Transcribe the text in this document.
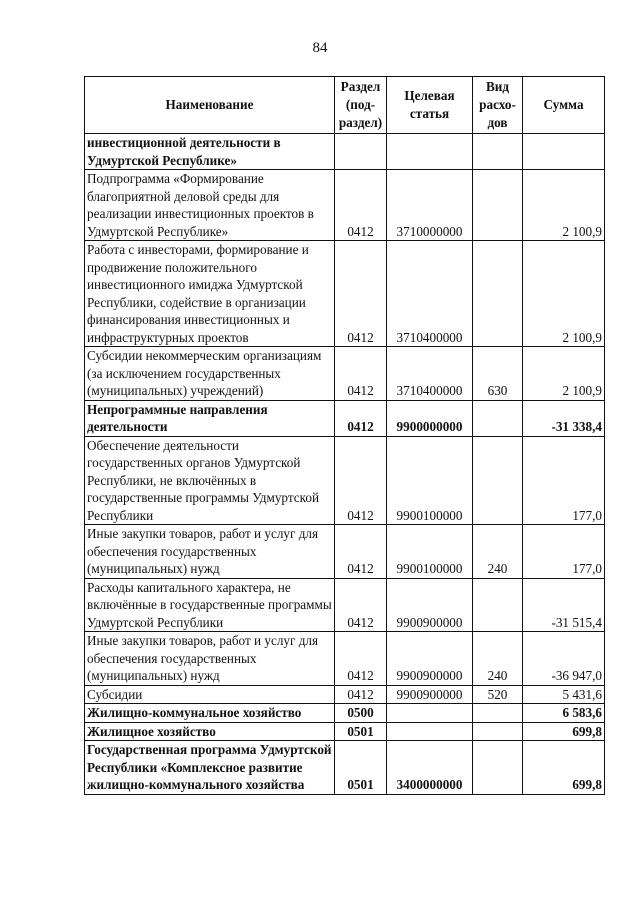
84
Наименование	Раздел (под-раздел)	Целевая статья	Вид расхо-дов	Сумма
инвестиционной деятельности в Удмуртской Республике»				
Подпрограмма «Формирование благоприятной деловой среды для реализации инвестиционных проектов в Удмуртской Республике»	0412	3710000000		2 100,9
Работа с инвесторами, формирование и продвижение положительного инвестиционного имиджа Удмуртской Республики, содействие в организации финансирования инвестиционных и инфраструктурных проектов	0412	3710400000		2 100,9
Субсидии некоммерческим организациям (за исключением государственных (муниципальных) учреждений)	0412	3710400000	630	2 100,9
Непрограммные направления деятельности	0412	9900000000		-31 338,4
Обеспечение деятельности государственных органов Удмуртской Республики, не включённых в государственные программы Удмуртской Республики	0412	9900100000		177,0
Иные закупки товаров, работ и услуг для обеспечения государственных (муниципальных) нужд	0412	9900100000	240	177,0
Расходы капитального характера, не включённые в государственные программы Удмуртской Республики	0412	9900900000		-31 515,4
Иные закупки товаров, работ и услуг для обеспечения государственных (муниципальных) нужд	0412	9900900000	240	-36 947,0
Субсидии	0412	9900900000	520	5 431,6
Жилищно-коммунальное хозяйство	0500			6 583,6
Жилищное хозяйство	0501			699,8
Государственная программа Удмуртской Республики «Комплексное развитие жилищно-коммунального хозяйства	0501	3400000000		699,8
